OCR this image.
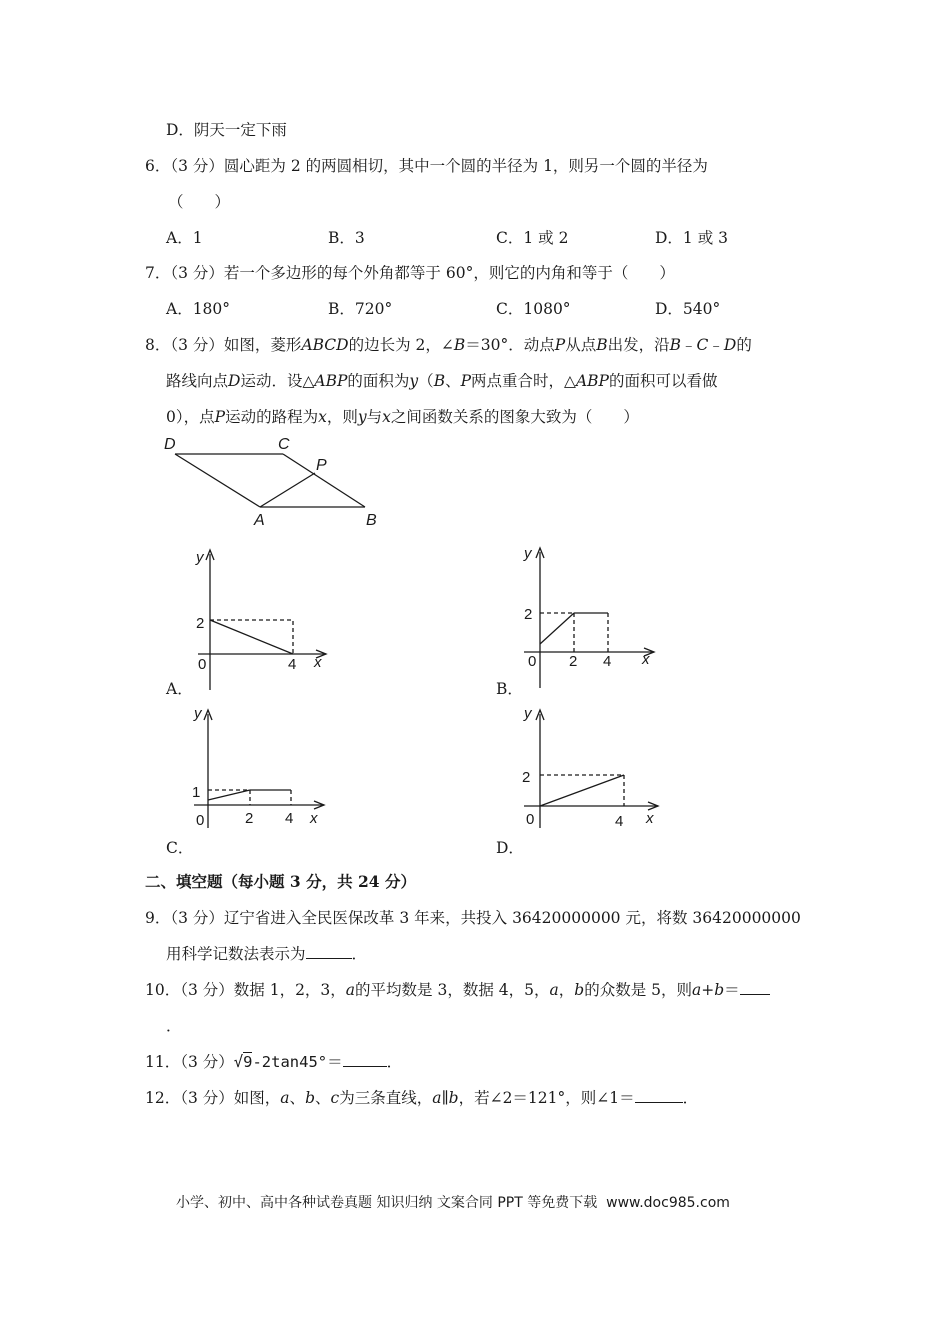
D．阴天一定下雨
6．（3 分）圆心距为 2 的两圆相切，其中一个圆的半径为 1，则另一个圆的半径为
（　　）
A．1	B．3	C．1 或 2	D．1 或 3
7．（3 分）若一个多边形的每个外角都等于 60°，则它的内角和等于（　　）
A．180°	B．720°	C．1080°	D．540°
8．（3 分）如图，菱形ABCD的边长为 2，∠B＝30°．动点P从点B出发，沿B﹣C﹣D的
路线向点D运动．设△ABP的面积为y（B、P两点重合时，△ABP的面积可以看做
0），点P运动的路程为x，则y与x之间函数关系的图象大致为（　　）
D	C
P
A	B
y
2
0	4 x
A．
y
2
0 2 4 x
B．
y
1
0	2 4 x
C．
y
2
0	4 x
D．
二、填空题（每小题 3 分，共 24 分）
9．（3 分）辽宁省进入全民医保改革 3 年来，共投入 36420000000 元，将数 36420000000
用科学记数法表示为	．
10．（3 分）数据 1，2，3，a的平均数是 3，数据 4，5，a，b的众数是 5，则a+b＝
．
11．（3 分）√9-2tan45°＝	．
12．（3 分）如图，a、b、c为三条直线，a∥b，若∠2＝121°，则∠1＝	．
小学、初中、高中各种试卷真题 知识归纳 文案合同 PPT 等免费下载 www.doc985.com
